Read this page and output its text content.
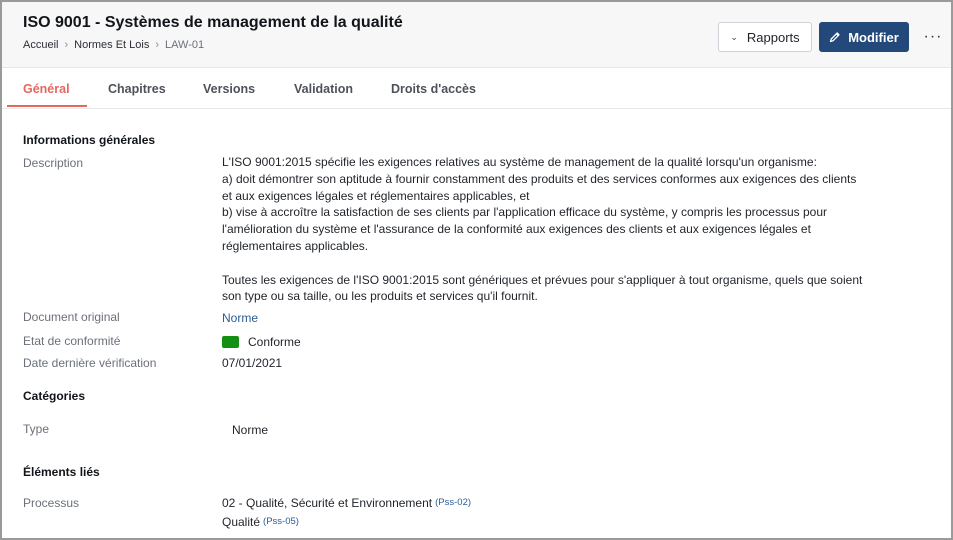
ISO 9001 - Systèmes de management de la qualité
Accueil › Normes Et Lois › LAW-01
⌄ Rapports	Modifier ···
Général	Chapitres	Versions	Validation	Droits d'accès
Informations générales
Description	L'ISO 9001:2015 spécifie les exigences relatives au système de management de la qualité lorsqu'un organisme:

a) doit démontrer son aptitude à fournir constamment des produits et des services conformes aux exigences des clients

et aux exigences légales et réglementaires applicables, et

b) vise à accroître la satisfaction de ses clients par l'application efficace du système, y compris les processus pour

l'amélioration du système et l'assurance de la conformité aux exigences des clients et aux exigences légales et

réglementaires applicables.

Toutes les exigences de l'ISO 9001:2015 sont génériques et prévues pour s'appliquer à tout organisme, quels que soient

son type ou sa taille, ou les produits et services qu'il fournit.

Document original	Norme
Etat de conformité	Conforme
Date dernière vérification	07/01/2021
Catégories
Type	Norme
Éléments liés
Processus	02 - Qualité, Sécurité et Environnement (Pss-02)
Qualité (Pss-05)
